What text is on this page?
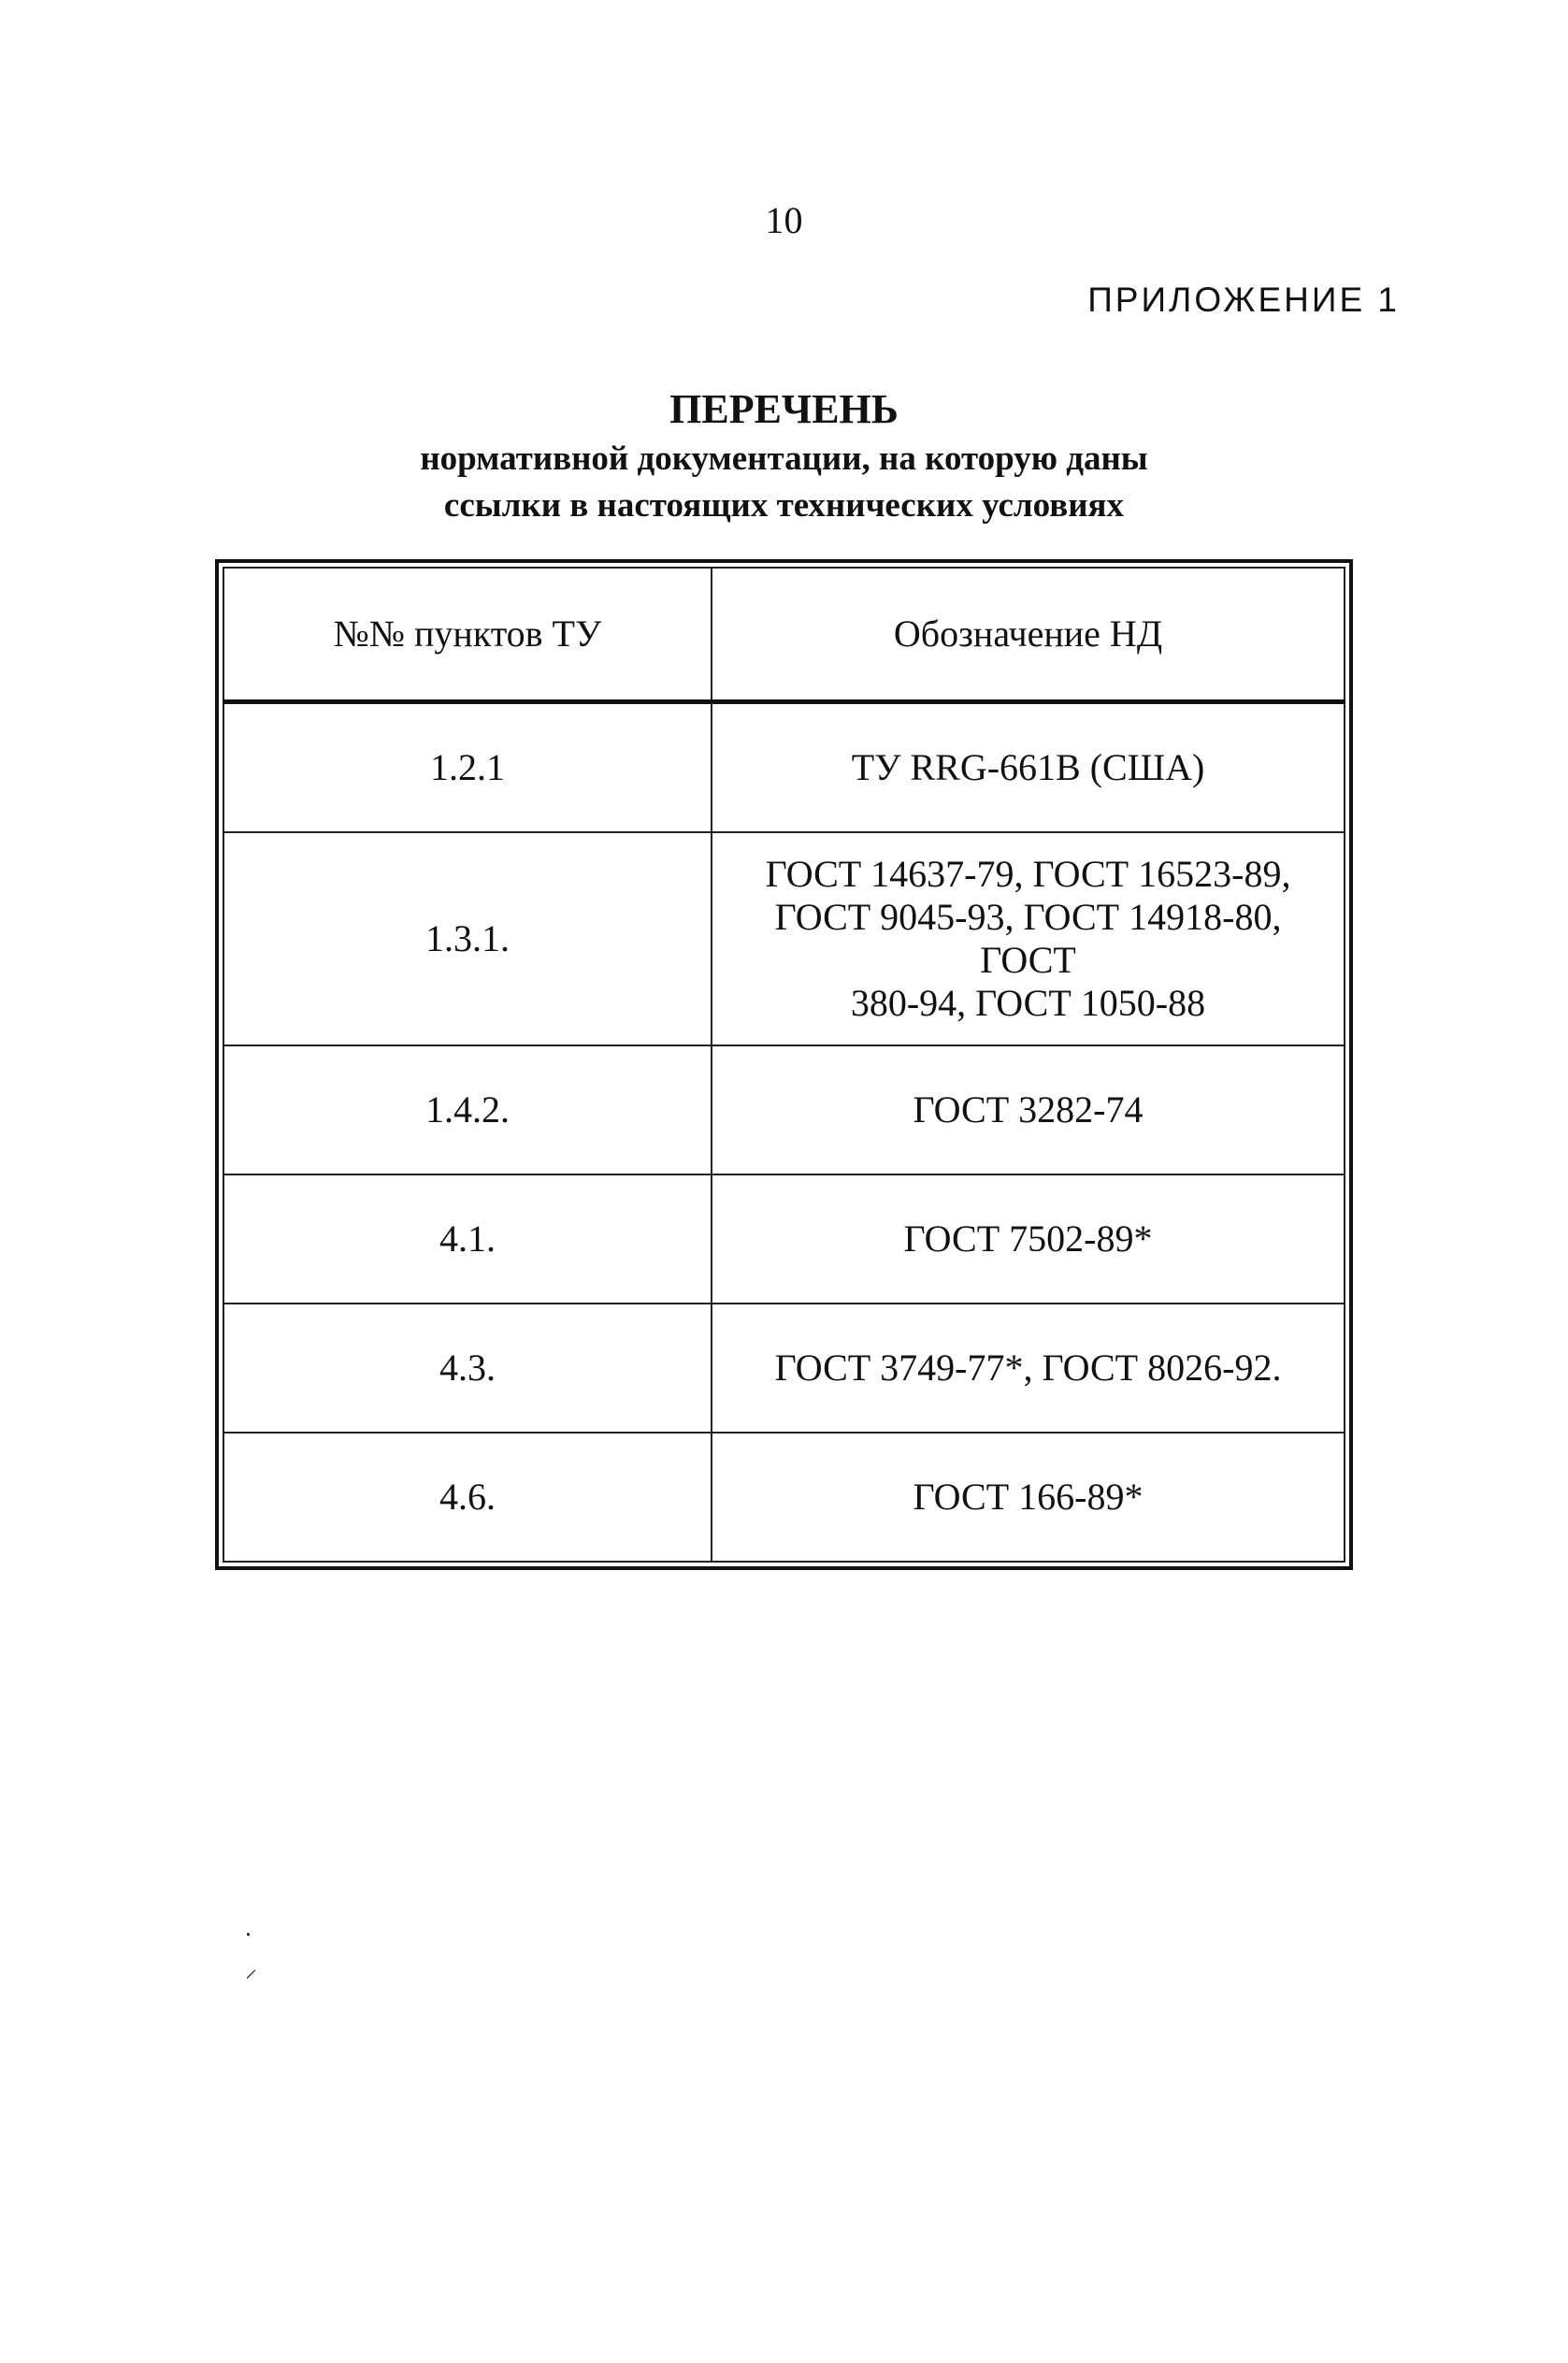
10
ПРИЛОЖЕНИЕ 1
ПЕРЕЧЕНЬ
нормативной документации, на которую даны
ссылки в настоящих технических условиях
№№ пунктов ТУ	Обозначение НД
1.2.1	ТУ RRG-661В (США)

1.3.1.	ГОСТ 14637-79, ГОСТ 16523-89,
ГОСТ 9045-93, ГОСТ 14918-80, ГОСТ
380-94, ГОСТ 1050-88

1.4.2.	ГОСТ 3282-74

4.1.	ГОСТ 7502-89*

4.3.	ГОСТ 3749-77*, ГОСТ 8026-92.

4.6.	ГОСТ 166-89*
⸱
⸝
